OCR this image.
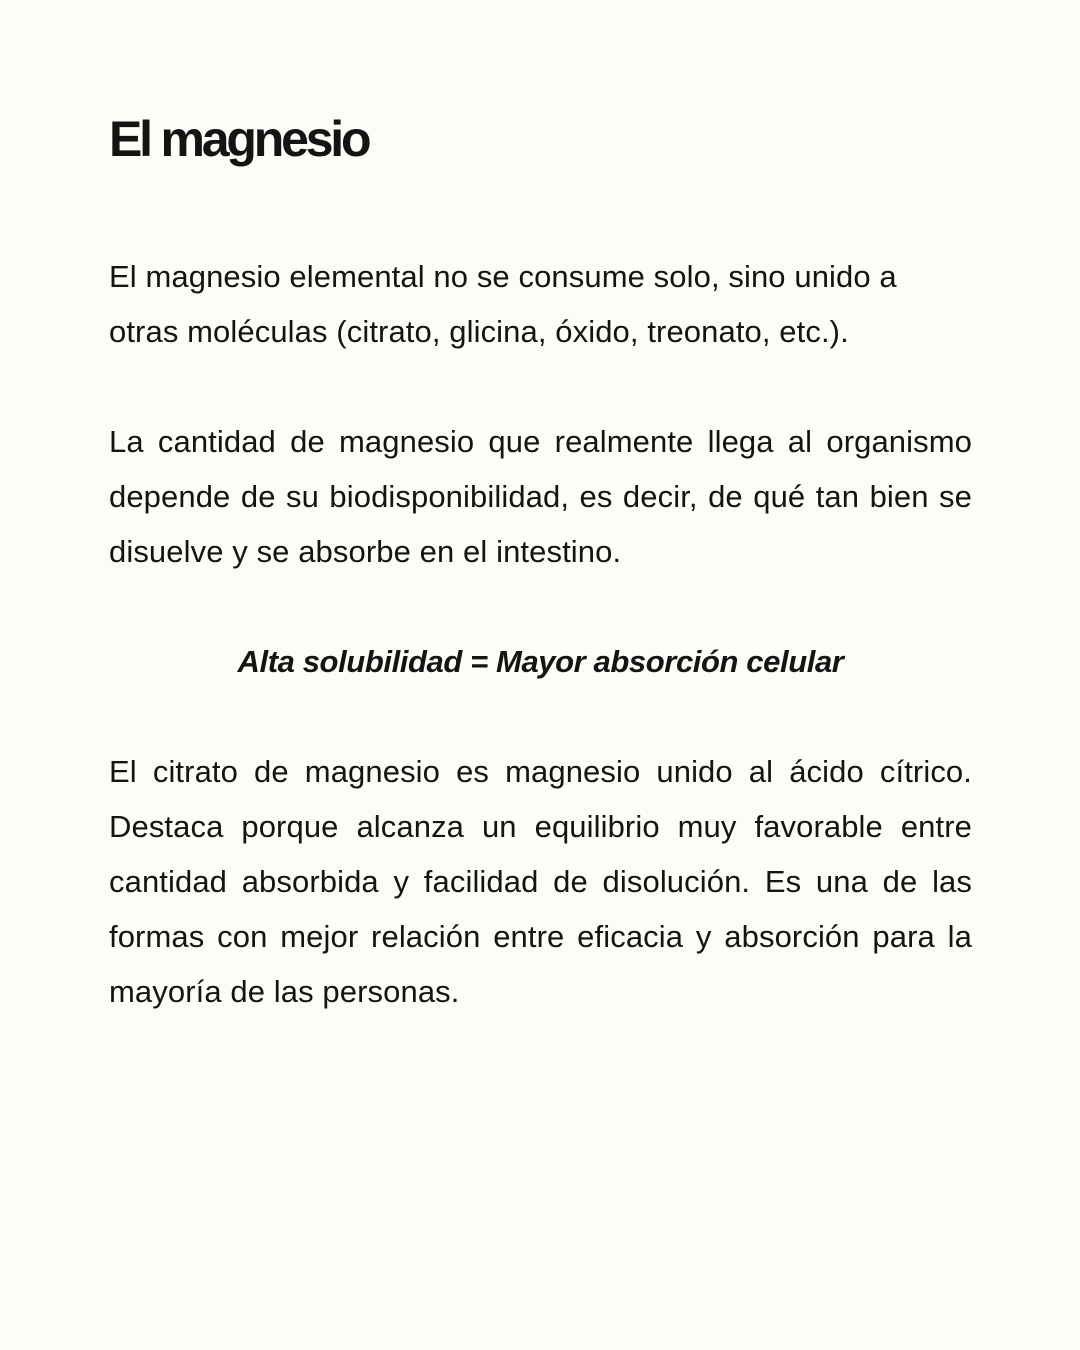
El magnesio

El magnesio elemental no se consume solo, sino unido a otras moléculas (citrato, glicina, óxido, treonato, etc.).

La cantidad de magnesio que realmente llega al organismo depende de su biodisponibilidad, es decir, de qué tan bien se disuelve y se absorbe en el intestino.

Alta solubilidad = Mayor absorción celular

El citrato de magnesio es magnesio unido al ácido cítrico. Destaca porque alcanza un equilibrio muy favorable entre cantidad absorbida y facilidad de disolución. Es una de las formas con mejor relación entre eficacia y absorción para la mayoría de las personas.
